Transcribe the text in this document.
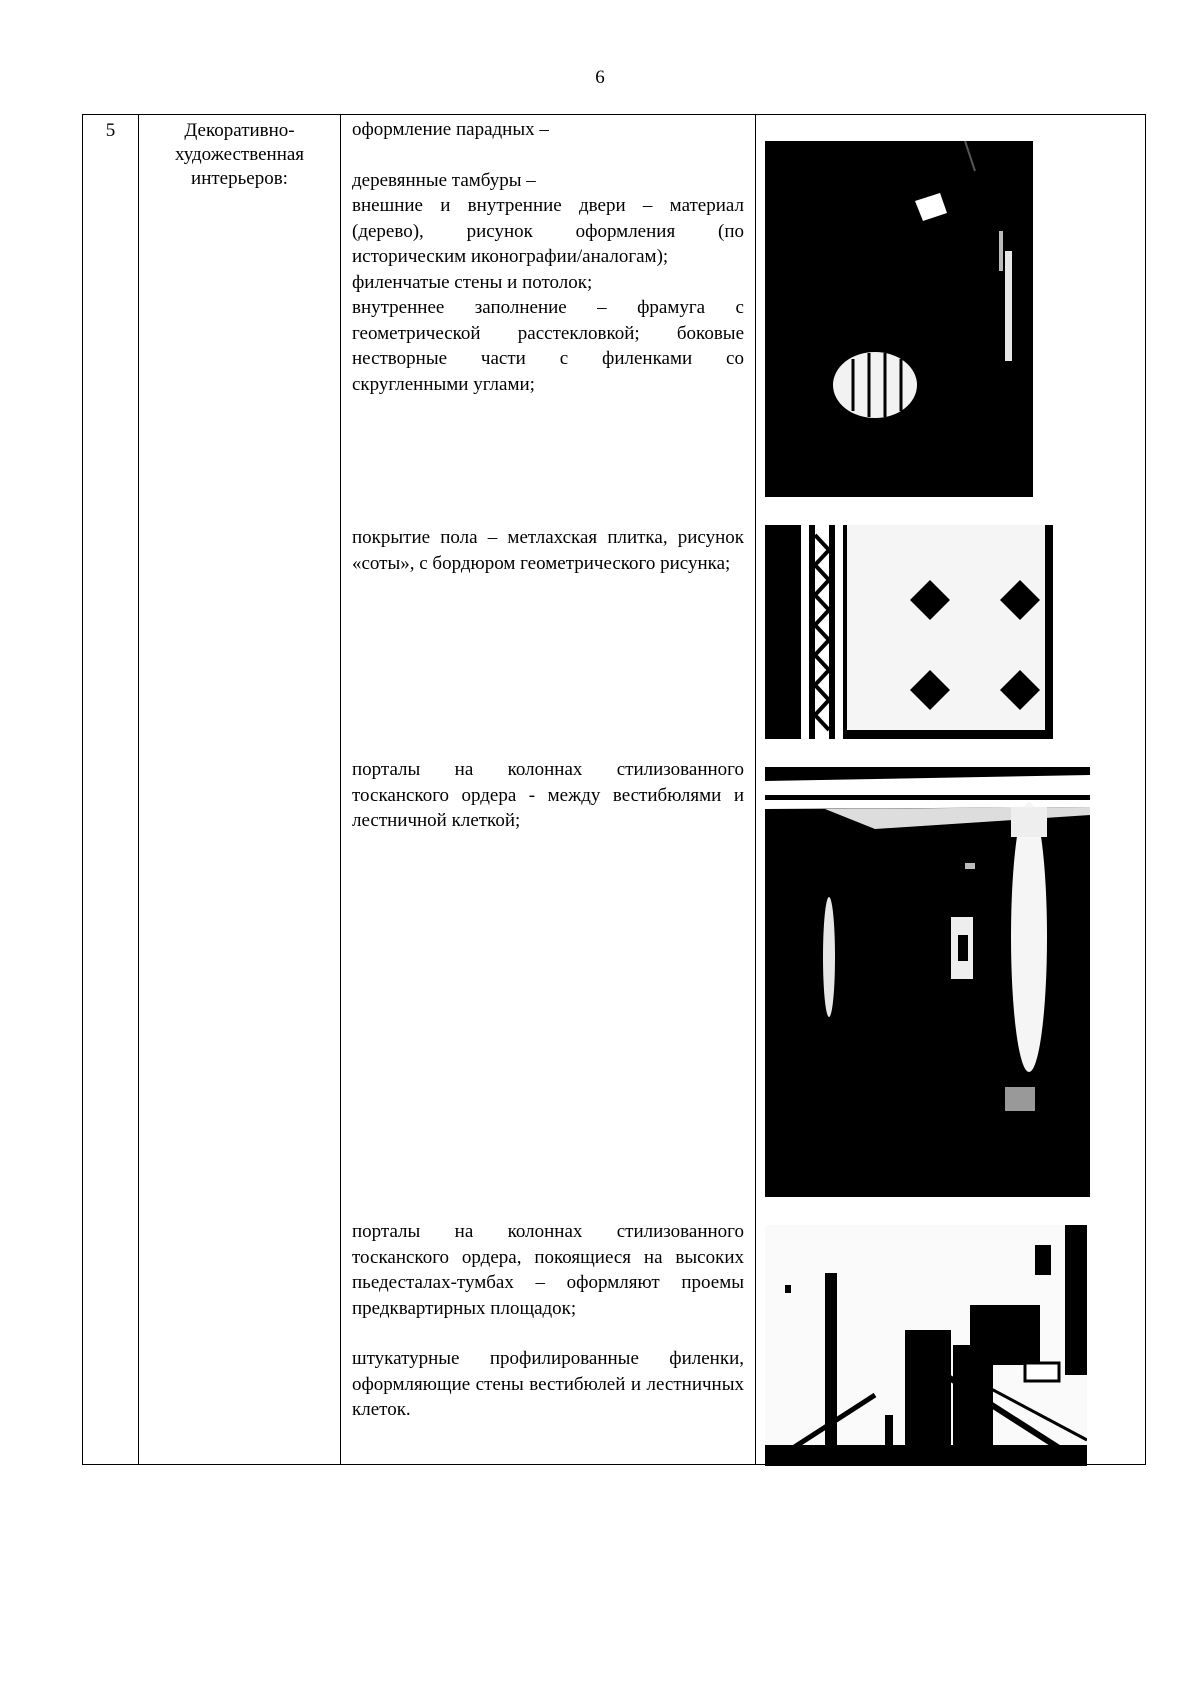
6
5	Декоративно-художественная интерьеров:

оформление парадных –

деревянные тамбуры –

внешние и внутренние двери – материал (дерево), рисунок оформления (по историческим иконографии/аналогам);

филенчатые стены и потолок;

внутреннее заполнение – фрамуга с геометрической расстекловкой; боковые нестворные части с филенками со скругленными углами;

покрытие пола – метлахская плитка, рисунок «соты», с бордюром геометрического рисунка;

порталы на колоннах стилизованного тосканского ордера - между вестибюлями и лестничной клеткой;

порталы на колоннах стилизованного тосканского ордера, покоящиеся на высоких пьедесталах-тумбах – оформляют проемы предквартирных площадок;

штукатурные профилированные филенки, оформляющие стены вестибюлей и лестничных клеток.
